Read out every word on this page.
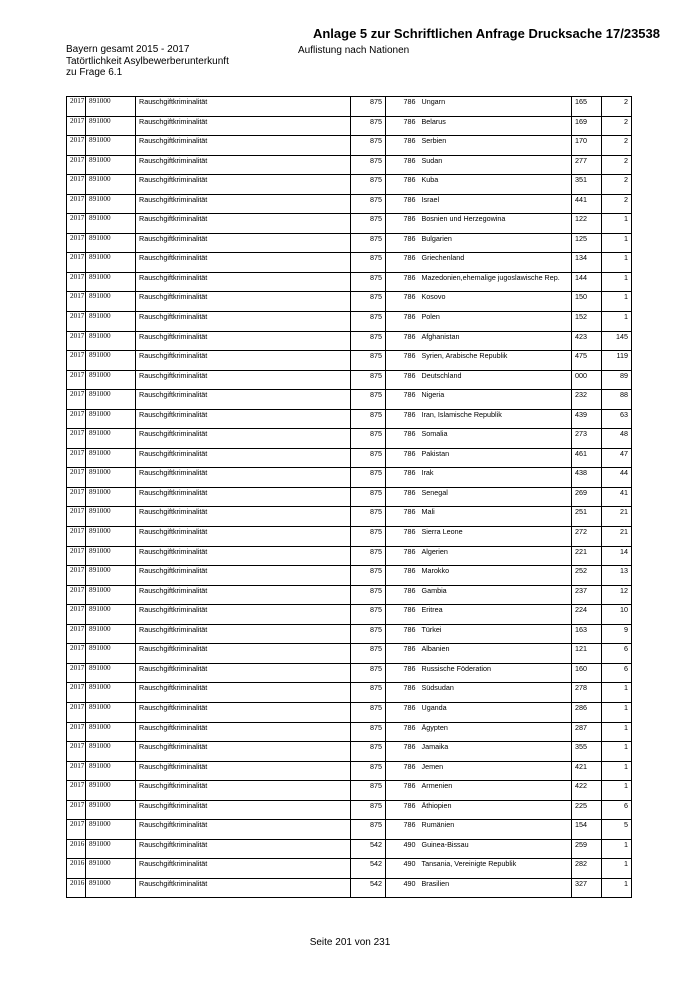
Anlage 5 zur Schriftlichen Anfrage Drucksache 17/23538
Bayern gesamt 2015 - 2017
Tatörtlichkeit Asylbewerberunterkunft
zu Frage 6.1
Auflistung nach Nationen
2017	891000	Rauschgiftkriminalität	875	786	Ungarn	165	2
2017	891000	Rauschgiftkriminalität	875	786	Belarus	169	2
2017	891000	Rauschgiftkriminalität	875	786	Serbien	170	2
2017	891000	Rauschgiftkriminalität	875	786	Sudan	277	2
2017	891000	Rauschgiftkriminalität	875	786	Kuba	351	2
2017	891000	Rauschgiftkriminalität	875	786	Israel	441	2
2017	891000	Rauschgiftkriminalität	875	786	Bosnien und Herzegowina	122	1
2017	891000	Rauschgiftkriminalität	875	786	Bulgarien	125	1
2017	891000	Rauschgiftkriminalität	875	786	Griechenland	134	1
2017	891000	Rauschgiftkriminalität	875	786	Mazedonien,ehemalige jugoslawische Rep.	144	1
2017	891000	Rauschgiftkriminalität	875	786	Kosovo	150	1
2017	891000	Rauschgiftkriminalität	875	786	Polen	152	1
2017	891000	Rauschgiftkriminalität	875	786	Afghanistan	423	145
2017	891000	Rauschgiftkriminalität	875	786	Syrien, Arabische Republik	475	119
2017	891000	Rauschgiftkriminalität	875	786	Deutschland	000	89
2017	891000	Rauschgiftkriminalität	875	786	Nigeria	232	88
2017	891000	Rauschgiftkriminalität	875	786	Iran, Islamische Republik	439	63
2017	891000	Rauschgiftkriminalität	875	786	Somalia	273	48
2017	891000	Rauschgiftkriminalität	875	786	Pakistan	461	47
2017	891000	Rauschgiftkriminalität	875	786	Irak	438	44
2017	891000	Rauschgiftkriminalität	875	786	Senegal	269	41
2017	891000	Rauschgiftkriminalität	875	786	Mali	251	21
2017	891000	Rauschgiftkriminalität	875	786	Sierra Leone	272	21
2017	891000	Rauschgiftkriminalität	875	786	Algerien	221	14
2017	891000	Rauschgiftkriminalität	875	786	Marokko	252	13
2017	891000	Rauschgiftkriminalität	875	786	Gambia	237	12
2017	891000	Rauschgiftkriminalität	875	786	Eritrea	224	10
2017	891000	Rauschgiftkriminalität	875	786	Türkei	163	9
2017	891000	Rauschgiftkriminalität	875	786	Albanien	121	6
2017	891000	Rauschgiftkriminalität	875	786	Russische Föderation	160	6
2017	891000	Rauschgiftkriminalität	875	786	Südsudan	278	1
2017	891000	Rauschgiftkriminalität	875	786	Uganda	286	1
2017	891000	Rauschgiftkriminalität	875	786	Ägypten	287	1
2017	891000	Rauschgiftkriminalität	875	786	Jamaika	355	1
2017	891000	Rauschgiftkriminalität	875	786	Jemen	421	1
2017	891000	Rauschgiftkriminalität	875	786	Armenien	422	1
2017	891000	Rauschgiftkriminalität	875	786	Äthiopien	225	6
2017	891000	Rauschgiftkriminalität	875	786	Rumänien	154	5
2016	891000	Rauschgiftkriminalität	542	490	Guinea-Bissau	259	1
2016	891000	Rauschgiftkriminalität	542	490	Tansania, Vereinigte Republik	282	1
2016	891000	Rauschgiftkriminalität	542	490	Brasilien	327	1
Seite 201 von 231
